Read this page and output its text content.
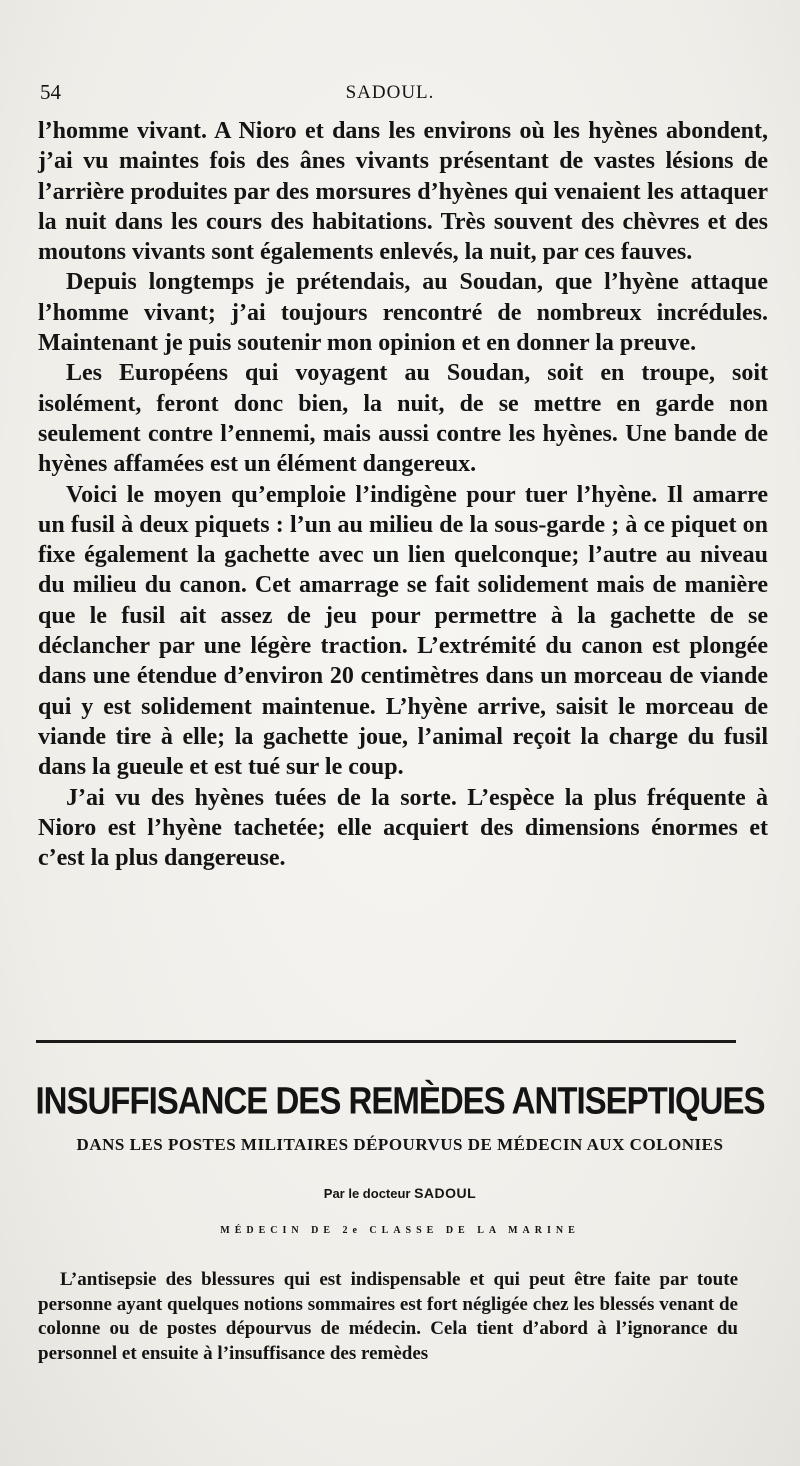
54	SADOUL.

l’homme vivant. A Nioro et dans les environs où les hyènes abondent, j’ai vu maintes fois des ânes vivants présentant de vastes lésions de l’arrière produites par des morsures d’hyènes qui venaient les attaquer la nuit dans les cours des habitations. Très souvent des chèvres et des moutons vivants sont égalements enlevés, la nuit, par ces fauves.

Depuis longtemps je prétendais, au Soudan, que l’hyène attaque l’homme vivant; j’ai toujours rencontré de nombreux incrédules. Maintenant je puis soutenir mon opinion et en donner la preuve.

Les Européens qui voyagent au Soudan, soit en troupe, soit isolément, feront donc bien, la nuit, de se mettre en garde non seulement contre l’ennemi, mais aussi contre les hyènes. Une bande de hyènes affamées est un élément dangereux.

Voici le moyen qu’emploie l’indigène pour tuer l’hyène. Il amarre un fusil à deux piquets : l’un au milieu de la sous-garde ; à ce piquet on fixe également la gachette avec un lien quelconque; l’autre au niveau du milieu du canon. Cet amarrage se fait solidement mais de manière que le fusil ait assez de jeu pour permettre à la gachette de se déclancher par une légère traction. L’extrémité du canon est plongée dans une étendue d’environ 20 centimètres dans un morceau de viande qui y est solidement maintenue. L’hyène arrive, saisit le morceau de viande tire à elle; la gachette joue, l’animal reçoit la charge du fusil dans la gueule et est tué sur le coup.

J’ai vu des hyènes tuées de la sorte. L’espèce la plus fréquente à Nioro est l’hyène tachetée; elle acquiert des dimensions énormes et c’est la plus dangereuse.

INSUFFISANCE DES REMÈDES ANTISEPTIQUES
DANS LES POSTES MILITAIRES DÉPOURVUS DE MÉDECIN AUX COLONIES
Par le docteur SADOUL
MÉDECIN DE 2e CLASSE DE LA MARINE

L’antisepsie des blessures qui est indispensable et qui peut être faite par toute personne ayant quelques notions sommaires est fort négligée chez les blessés venant de colonne ou de postes dépourvus de médecin. Cela tient d’abord à l’ignorance du personnel et ensuite à l’insuffisance des remèdes
